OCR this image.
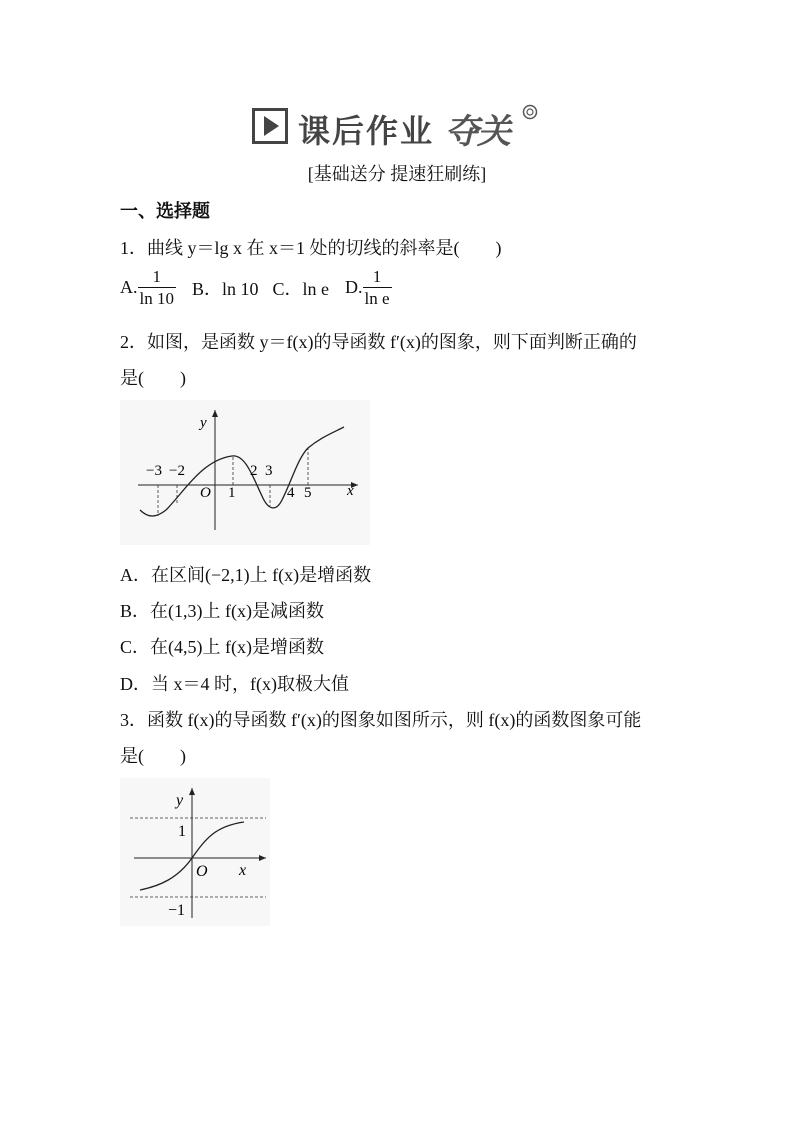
课后作业 夺关
[基础送分 提速狂刷练]
一、选择题
1．曲线 y＝lg x 在 x＝1 处的切线的斜率是(　　)
A. $\frac{1}{\ln 10}$ B．ln 10 C．ln e D. $\frac{1}{\text{ln e}}$
2．如图，是函数 y＝f(x)的导函数 f′(x)的图象，则下面判断正确的
是(　　)
y
x
O
−3 −2
1
2 3
4 5
A．在区间(−2,1)上 f(x)是增函数
B．在(1,3)上 f(x)是减函数
C．在(4,5)上 f(x)是增函数
D．当 x＝4 时，f(x)取极大值
3．函数 f(x)的导函数 f′(x)的图象如图所示，则 f(x)的函数图象可能
是(　　)
y
x
O
1
−1
